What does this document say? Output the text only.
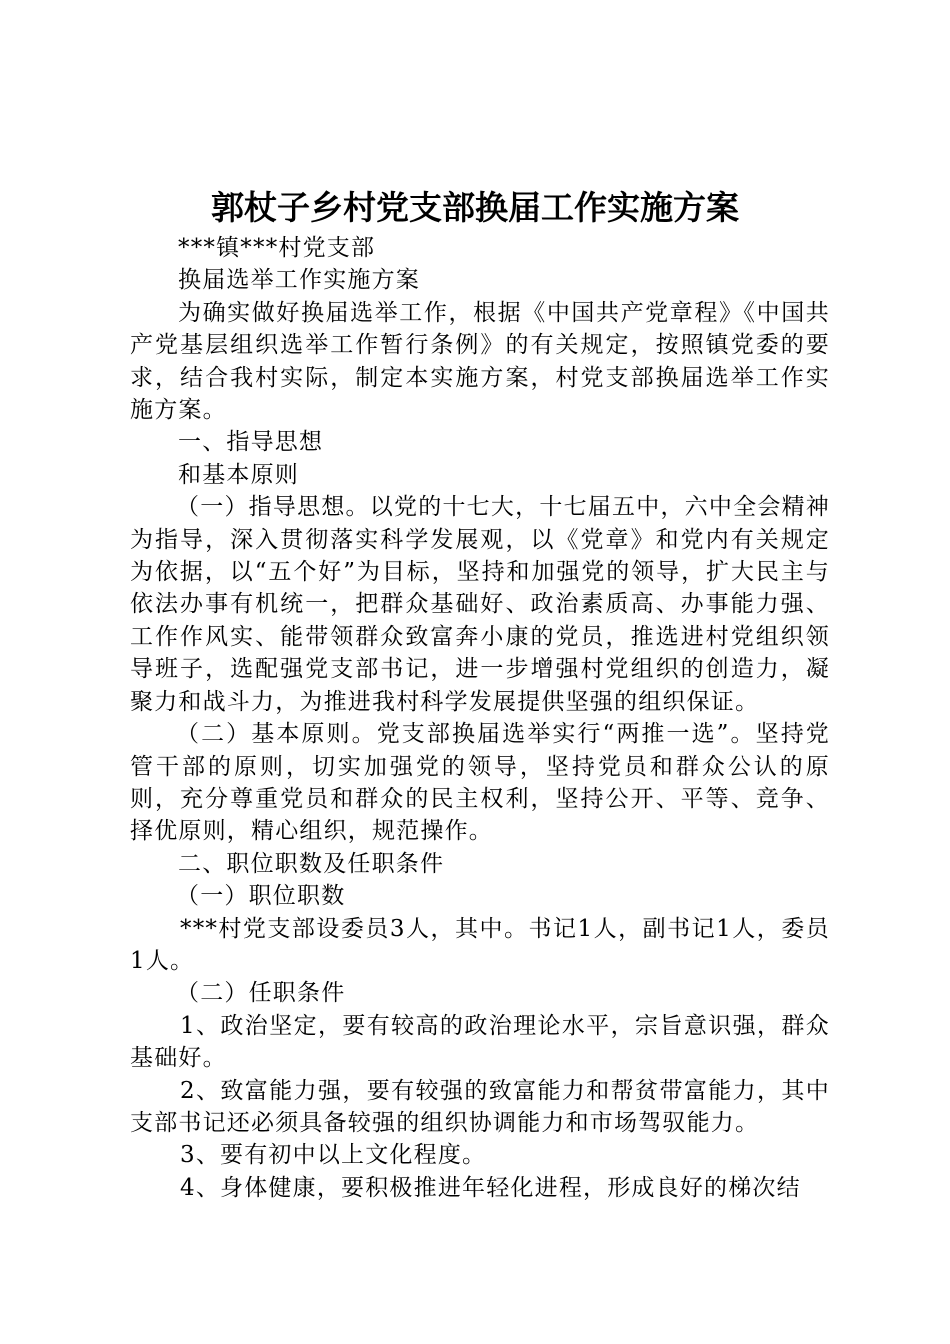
郭杖子乡村党支部换届工作实施方案

***镇***村党支部

换届选举工作实施方案

为确实做好换届选举工作，根据《中国共产党章程》《中国共产党基层组织选举工作暂行条例》的有关规定，按照镇党委的要求，结合我村实际，制定本实施方案，村党支部换届选举工作实施方案。

一、指导思想

和基本原则

（一）指导思想。以党的十七大，十七届五中，六中全会精神为指导，深入贯彻落实科学发展观，以《党章》和党内有关规定为依据，以“五个好”为目标，坚持和加强党的领导，扩大民主与依法办事有机统一，把群众基础好、政治素质高、办事能力强、工作作风实、能带领群众致富奔小康的党员，推选进村党组织领导班子，选配强党支部书记，进一步增强村党组织的创造力，凝聚力和战斗力，为推进我村科学发展提供坚强的组织保证。

（二）基本原则。党支部换届选举实行“两推一选”。坚持党管干部的原则，切实加强党的领导，坚持党员和群众公认的原则，充分尊重党员和群众的民主权利，坚持公开、平等、竞争、择优原则，精心组织，规范操作。

二、职位职数及任职条件

（一）职位职数

***村党支部设委员3人，其中。书记1人，副书记1人，委员1人。

（二）任职条件

1、政治坚定，要有较高的政治理论水平，宗旨意识强，群众基础好。

2、致富能力强，要有较强的致富能力和帮贫带富能力，其中支部书记还必须具备较强的组织协调能力和市场驾驭能力。

3、要有初中以上文化程度。

4、身体健康，要积极推进年轻化进程，形成良好的梯次结
